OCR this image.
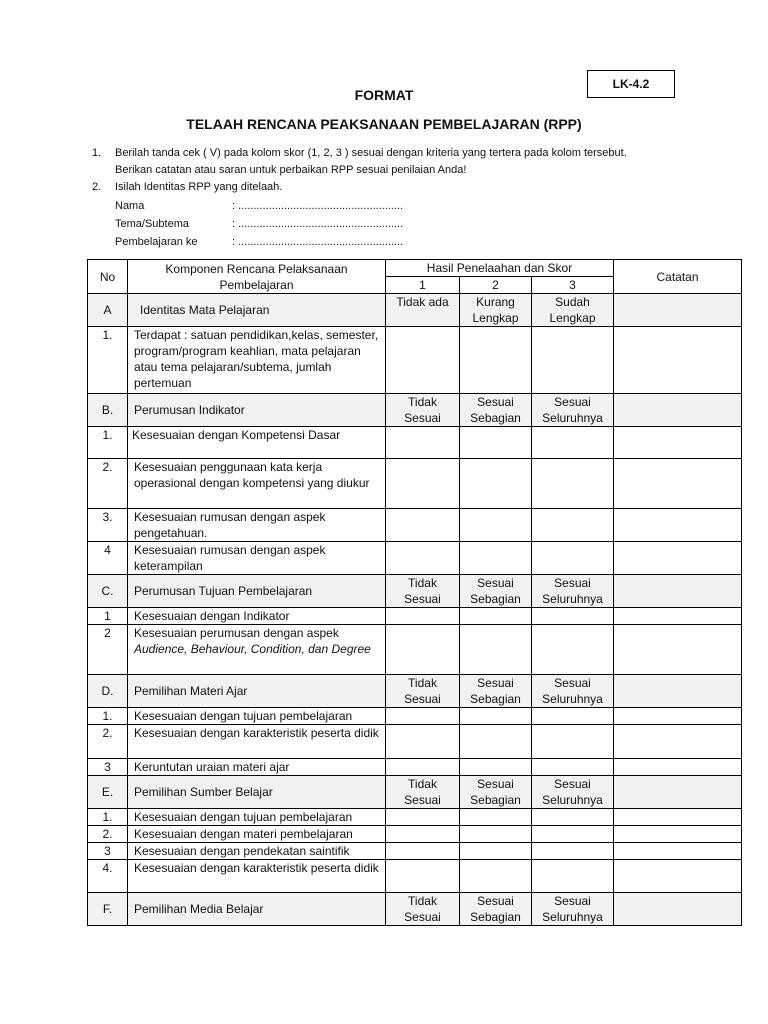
LK-4.2
FORMAT
TELAAH RENCANA PEAKSANAAN PEMBELAJARAN (RPP)
1.	Berilah tanda cek ( V) pada kolom skor (1, 2, 3 ) sesuai dengan kriteria yang tertera pada kolom tersebut.
Berikan catatan atau saran untuk perbaikan RPP sesuai penilaian Anda!
2.	Isilah Identitas RPP yang ditelaah.
Nama	: ......................................................
Tema/Subtema	: ......................................................
Pembelajaran ke	: ......................................................
No	Komponen Rencana Pelaksanaan Pembelajaran	Hasil Penelaahan dan Skor			Catatan
		1	2	3	
A	Identitas Mata Pelajaran	Tidak ada	Kurang Lengkap	Sudah Lengkap	
1.	Terdapat : satuan pendidikan,kelas, semester, program/program keahlian, mata pelajaran atau tema pelajaran/subtema, jumlah pertemuan				
B.	Perumusan Indikator	Tidak Sesuai	Sesuai Sebagian	Sesuai Seluruhnya	
1.	Kesesuaian dengan Kompetensi Dasar				
2.	Kesesuaian penggunaan kata kerja operasional dengan kompetensi yang diukur				
3.	Kesesuaian rumusan dengan aspek pengetahuan.				
4	Kesesuaian rumusan dengan aspek keterampilan				
C.	Perumusan Tujuan Pembelajaran	Tidak Sesuai	Sesuai Sebagian	Sesuai Seluruhnya	
1	Kesesuaian dengan Indikator				
2	Kesesuaian perumusan dengan aspek Audience, Behaviour, Condition, dan Degree				
D.	Pemilihan Materi Ajar	Tidak Sesuai	Sesuai Sebagian	Sesuai Seluruhnya	
1.	Kesesuaian dengan tujuan pembelajaran				
2.	Kesesuaian dengan karakteristik peserta didik				
3	Keruntutan uraian materi ajar				
E.	Pemilihan Sumber Belajar	Tidak Sesuai	Sesuai Sebagian	Sesuai Seluruhnya	
1.	Kesesuaian dengan tujuan pembelajaran				
2.	Kesesuaian dengan materi pembelajaran				
3	Kesesuaian dengan pendekatan saintifik				
4.	Kesesuaian dengan karakteristik peserta didik				
F.	Pemilihan Media Belajar	Tidak Sesuai	Sesuai Sebagian	Sesuai Seluruhnya	
